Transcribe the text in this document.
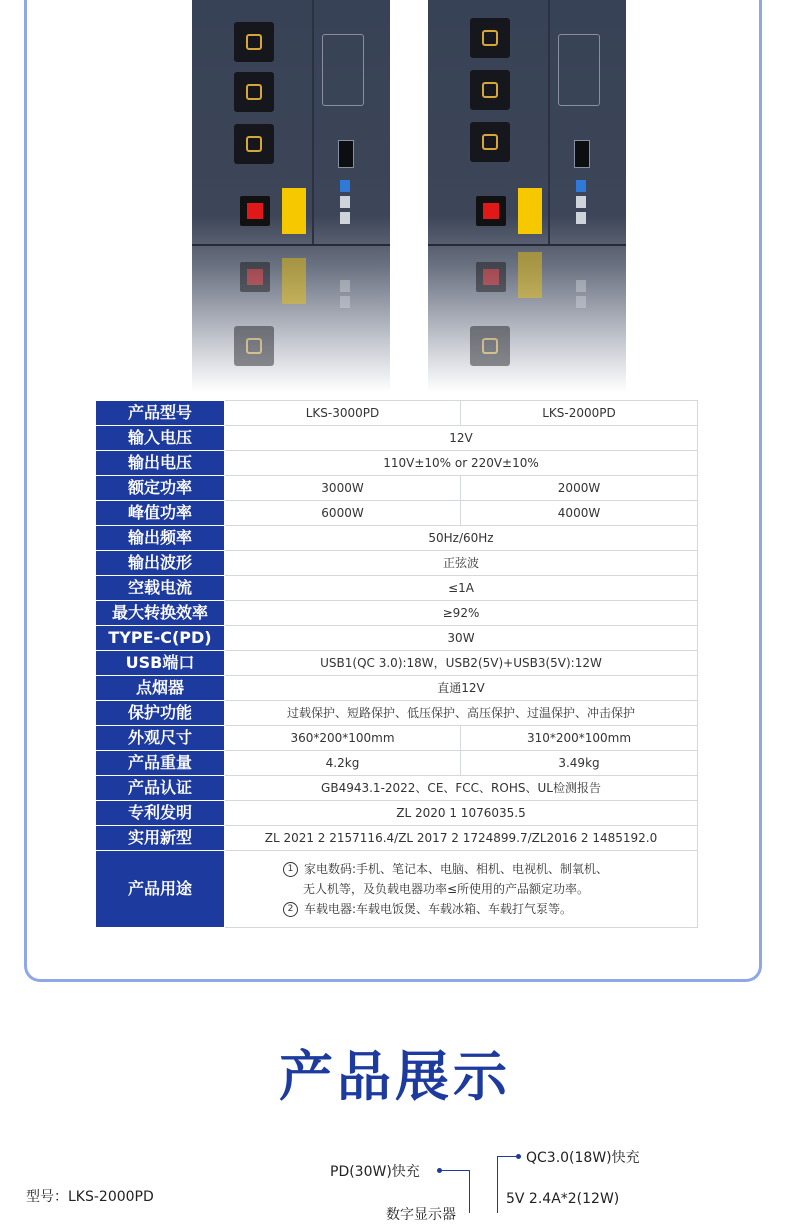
产品型号	LKS-3000PD	LKS-2000PD
输入电压	12V	
输出电压	110V±10% or 220V±10%	
额定功率	3000W	2000W
峰值功率	6000W	4000W
输出频率	50Hz/60Hz	
输出波形	正弦波	
空载电流	≤1A	
最大转换效率	≥92%	
TYPE-C(PD)	30W	
USB端口	USB1(QC 3.0):18W，USB2(5V)+USB3(5V):12W	
点烟器	直通12V	
保护功能	过载保护、短路保护、低压保护、高压保护、过温保护、冲击保护	
外观尺寸	360*200*100mm	310*200*100mm
产品重量	4.2kg	3.49kg
产品认证	GB4943.1-2022、CE、FCC、ROHS、UL检测报告	
专利发明	ZL 2020 1 1076035.5	
实用新型	ZL 2021 2 2157116.4/ZL 2017 2 1724899.7/ZL2016 2 1485192.0	
产品用途	1 家电数码:手机、笔记本、电脑、相机、电视机、制氧机、
无人机等，及负载电器功率≤所使用的产品额定功率。
2 车载电器:车载电饭煲、车载冰箱、车载打气泵等。	
产品展示
型号：LKS-2000PD
PD(30W)快充
数字显示器
QC3.0(18W)快充
5V 2.4A*2(12W)
